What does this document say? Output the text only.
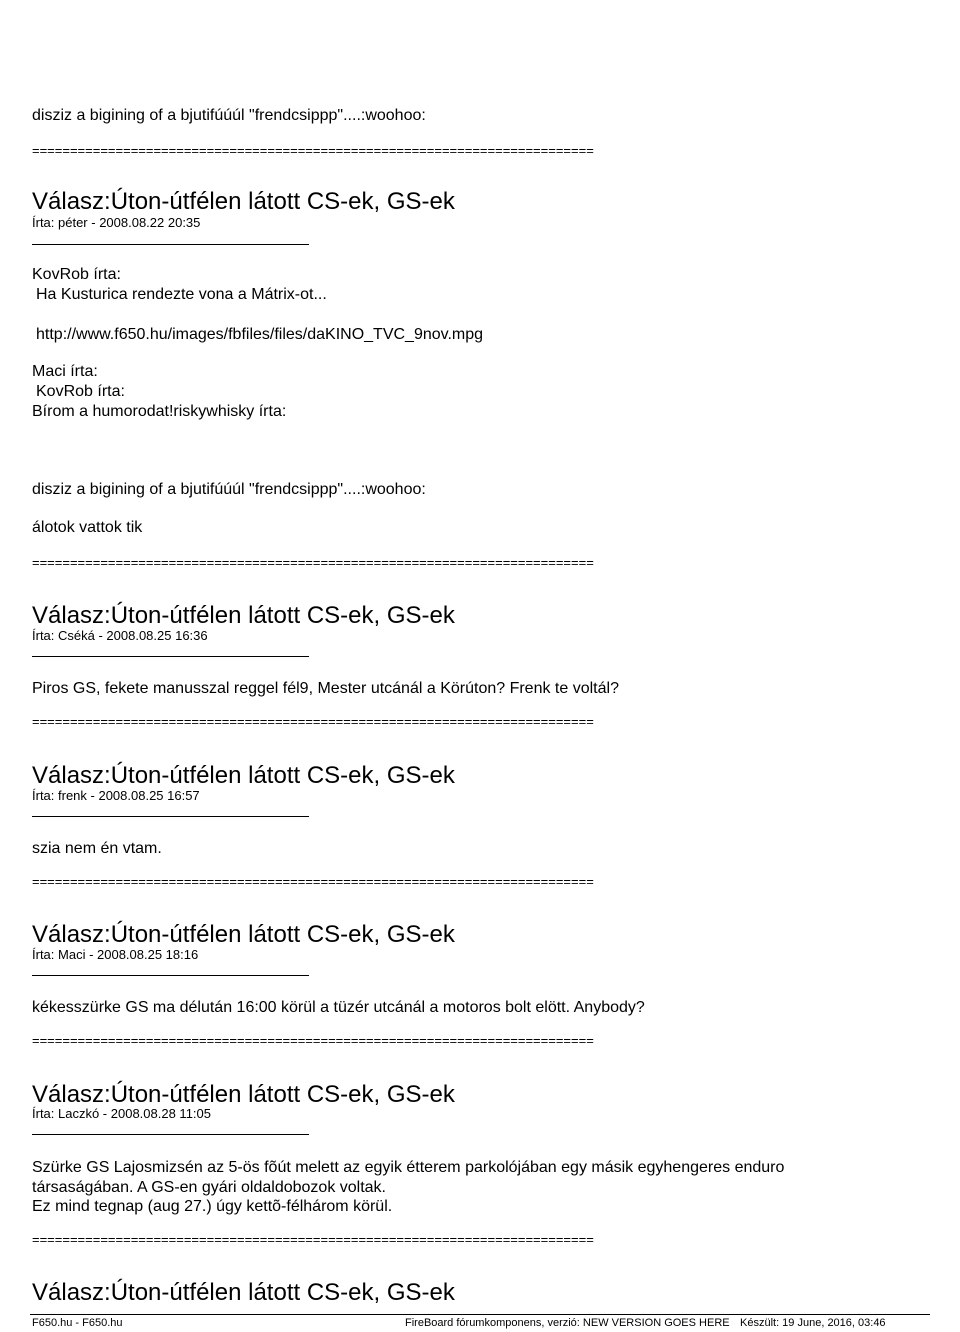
disziz a bigining of a bjutifúúúl "frendcsippp"....:woohoo:
==========================================================================
Válasz:Úton-útfélen látott CS-ek, GS-ek
Írta: péter - 2008.08.22 20:35
KovRob írta:
Ha Kusturica rendezte vona a Mátrix-ot...
http://www.f650.hu/images/fbfiles/files/daKINO_TVC_9nov.mpg
Maci írta:
KovRob írta:
Bírom a humorodat!riskywhisky írta:
disziz a bigining of a bjutifúúúl "frendcsippp"....:woohoo:
álotok vattok tik
==========================================================================
Válasz:Úton-útfélen látott CS-ek, GS-ek
Írta: Cséká - 2008.08.25 16:36
Piros GS, fekete manusszal reggel fél9, Mester utcánál a Körúton? Frenk te voltál?
==========================================================================
Válasz:Úton-útfélen látott CS-ek, GS-ek
Írta: frenk - 2008.08.25 16:57
szia nem én vtam.
==========================================================================
Válasz:Úton-útfélen látott CS-ek, GS-ek
Írta: Maci - 2008.08.25 18:16
kékesszürke GS ma délután 16:00 körül a tüzér utcánál a motoros bolt elött. Anybody?
==========================================================================
Válasz:Úton-útfélen látott CS-ek, GS-ek
Írta: Laczkó - 2008.08.28 11:05
Szürke GS Lajosmizsén az 5-ös fõút melett az egyik étterem parkolójában egy másik egyhengeres enduro
társaságában. A GS-en gyári oldaldobozok voltak.
Ez mind tegnap (aug 27.) úgy kettõ-félhárom körül.
==========================================================================
Válasz:Úton-útfélen látott CS-ek, GS-ek
F650.hu - F650.hu	FireBoard fórumkomponens, verzió: NEW VERSION GOES HERE Készült: 19 June, 2016, 03:46
